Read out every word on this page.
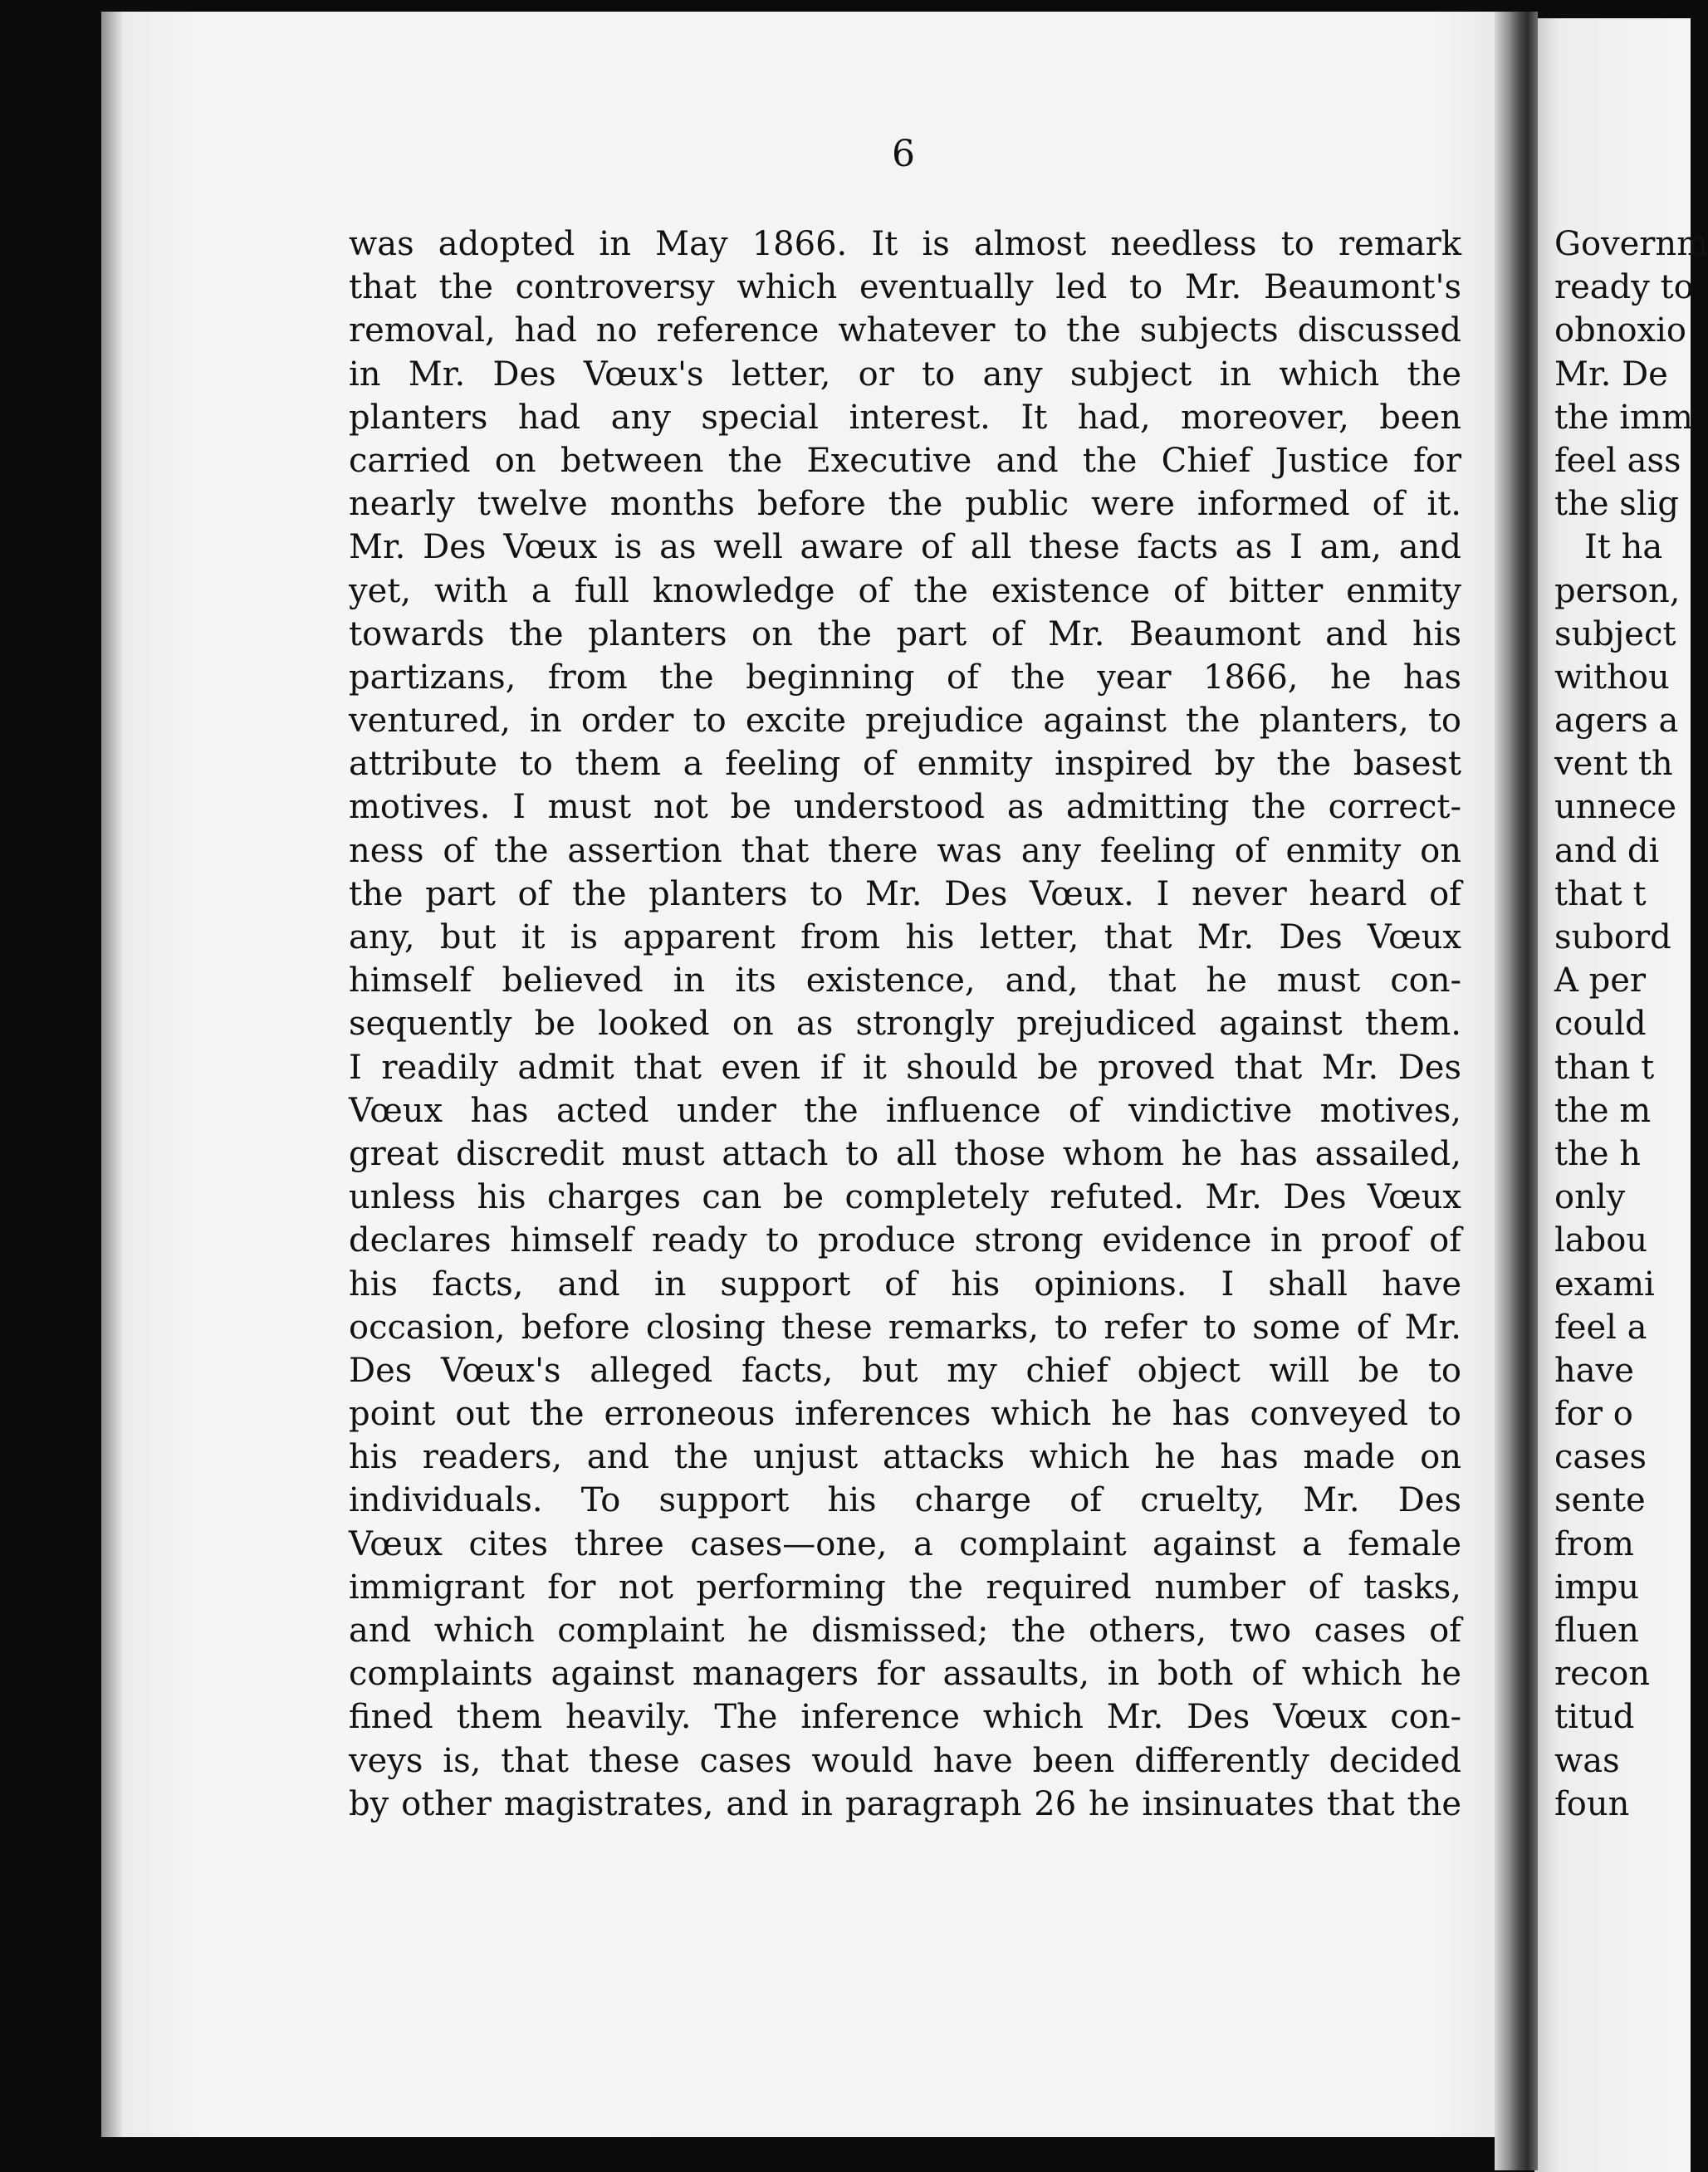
6
was adopted in May 1866. It is almost needless to remark
that the controversy which eventually led to Mr. Beaumont's
removal, had no reference whatever to the subjects discussed
in Mr. Des Vœux's letter, or to any subject in which the
planters had any special interest. It had, moreover, been
carried on between the Executive and the Chief Justice for
nearly twelve months before the public were informed of it.
Mr. Des Vœux is as well aware of all these facts as I am, and
yet, with a full knowledge of the existence of bitter enmity
towards the planters on the part of Mr. Beaumont and his
partizans, from the beginning of the year 1866, he has
ventured, in order to excite prejudice against the planters, to
attribute to them a feeling of enmity inspired by the basest
motives. I must not be understood as admitting the correct-
ness of the assertion that there was any feeling of enmity on
the part of the planters to Mr. Des Vœux. I never heard of
any, but it is apparent from his letter, that Mr. Des Vœux
himself believed in its existence, and, that he must con-
sequently be looked on as strongly prejudiced against them.
I readily admit that even if it should be proved that Mr. Des
Vœux has acted under the influence of vindictive motives,
great discredit must attach to all those whom he has assailed,
unless his charges can be completely refuted. Mr. Des Vœux
declares himself ready to produce strong evidence in proof of
his facts, and in support of his opinions. I shall have
occasion, before closing these remarks, to refer to some of Mr.
Des Vœux's alleged facts, but my chief object will be to
point out the erroneous inferences which he has conveyed to
his readers, and the unjust attacks which he has made on
individuals. To support his charge of cruelty, Mr. Des
Vœux cites three cases—one, a complaint against a female
immigrant for not performing the required number of tasks,
and which complaint he dismissed; the others, two cases of
complaints against managers for assaults, in both of which he
fined them heavily. The inference which Mr. Des Vœux con-
veys is, that these cases would have been differently decided
by other magistrates, and in paragraph 26 he insinuates that the
Governm
ready to
obnoxio
Mr. De
the imm
feel ass
the slig
It ha
person,
subject
withou
agers a
vent th
unnece
and di
that t
subord
A per
could
than t
the m
the h
only
labou
exami
feel a
have
for o
cases
sente
from
impu
fluen
recon
titud
was
foun
